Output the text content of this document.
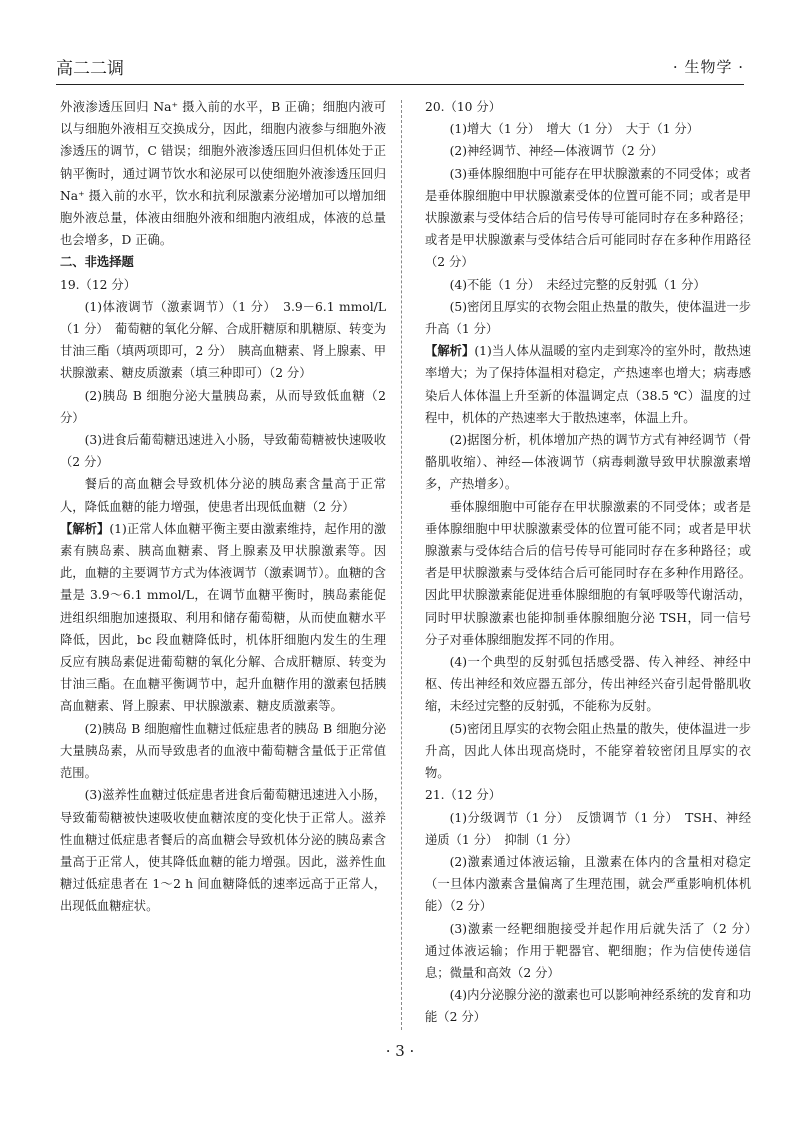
高二二调	· 生物学 ·

外液渗透压回归 Na⁺ 摄入前的水平，B 正确；细胞内液可以与细胞外液相互交换成分，因此，细胞内液参与细胞外液渗透压的调节，C 错误；细胞外液渗透压回归但机体处于正钠平衡时，通过调节饮水和泌尿可以使细胞外液渗透压回归 Na⁺ 摄入前的水平，饮水和抗利尿激素分泌增加可以增加细胞外液总量，体液由细胞外液和细胞内液组成，体液的总量也会增多，D 正确。

二、非选择题

19.（12 分）

(1)体液调节（激素调节）（1 分）　3.9－6.1 mmol/L（1 分）　葡萄糖的氧化分解、合成肝糖原和肌糖原、转变为甘油三酯（填两项即可，2 分）　胰高血糖素、肾上腺素、甲状腺激素、糖皮质激素（填三种即可）（2 分）

(2)胰岛 B 细胞分泌大量胰岛素，从而导致低血糖（2 分）

(3)进食后葡萄糖迅速进入小肠，导致葡萄糖被快速吸收（2 分）

餐后的高血糖会导致机体分泌的胰岛素含量高于正常人，降低血糖的能力增强，使患者出现低血糖（2 分）

【解析】(1)正常人体血糖平衡主要由激素维持，起作用的激素有胰岛素、胰高血糖素、肾上腺素及甲状腺激素等。因此，血糖的主要调节方式为体液调节（激素调节）。血糖的含量是 3.9～6.1 mmol/L，在调节血糖平衡时，胰岛素能促进组织细胞加速摄取、利用和储存葡萄糖，从而使血糖水平降低，因此，bc 段血糖降低时，机体肝细胞内发生的生理反应有胰岛素促进葡萄糖的氧化分解、合成肝糖原、转变为甘油三酯。在血糖平衡调节中，起升血糖作用的激素包括胰高血糖素、肾上腺素、甲状腺激素、糖皮质激素等。

(2)胰岛 B 细胞瘤性血糖过低症患者的胰岛 B 细胞分泌大量胰岛素，从而导致患者的血液中葡萄糖含量低于正常值范围。

(3)滋养性血糖过低症患者进食后葡萄糖迅速进入小肠，导致葡萄糖被快速吸收使血糖浓度的变化快于正常人。滋养性血糖过低症患者餐后的高血糖会导致机体分泌的胰岛素含量高于正常人，使其降低血糖的能力增强。因此，滋养性血糖过低症患者在 1～2 h 间血糖降低的速率远高于正常人，出现低血糖症状。

20.（10 分）

(1)增大（1 分）　增大（1 分）　大于（1 分）

(2)神经调节、神经—体液调节（2 分）

(3)垂体腺细胞中可能存在甲状腺激素的不同受体；或者是垂体腺细胞中甲状腺激素受体的位置可能不同；或者是甲状腺激素与受体结合后的信号传导可能同时存在多种路径；或者是甲状腺激素与受体结合后可能同时存在多种作用路径（2 分）

(4)不能（1 分）　未经过完整的反射弧（1 分）

(5)密闭且厚实的衣物会阻止热量的散失，使体温进一步升高（1 分）

【解析】(1)当人体从温暖的室内走到寒冷的室外时，散热速率增大；为了保持体温相对稳定，产热速率也增大；病毒感染后人体体温上升至新的体温调定点（38.5 ℃）温度的过程中，机体的产热速率大于散热速率，体温上升。

(2)据图分析，机体增加产热的调节方式有神经调节（骨骼肌收缩）、神经—体液调节（病毒刺激导致甲状腺激素增多，产热增多）。

垂体腺细胞中可能存在甲状腺激素的不同受体；或者是垂体腺细胞中甲状腺激素受体的位置可能不同；或者是甲状腺激素与受体结合后的信号传导可能同时存在多种路径；或者是甲状腺激素与受体结合后可能同时存在多种作用路径。因此甲状腺激素能促进垂体腺细胞的有氧呼吸等代谢活动，同时甲状腺激素也能抑制垂体腺细胞分泌 TSH，同一信号分子对垂体腺细胞发挥不同的作用。

(4)一个典型的反射弧包括感受器、传入神经、神经中枢、传出神经和效应器五部分，传出神经兴奋引起骨骼肌收缩，未经过完整的反射弧，不能称为反射。

(5)密闭且厚实的衣物会阻止热量的散失，使体温进一步升高，因此人体出现高烧时，不能穿着较密闭且厚实的衣物。

21.（12 分）

(1)分级调节（1 分）　反馈调节（1 分）　TSH、神经递质（1 分）　抑制（1 分）

(2)激素通过体液运输，且激素在体内的含量相对稳定（一旦体内激素含量偏离了生理范围，就会严重影响机体机能）（2 分）

(3)激素一经靶细胞接受并起作用后就失活了（2 分）　通过体液运输；作用于靶器官、靶细胞；作为信使传递信息；微量和高效（2 分）

(4)内分泌腺分泌的激素也可以影响神经系统的发育和功能（2 分）

· 3 ·
